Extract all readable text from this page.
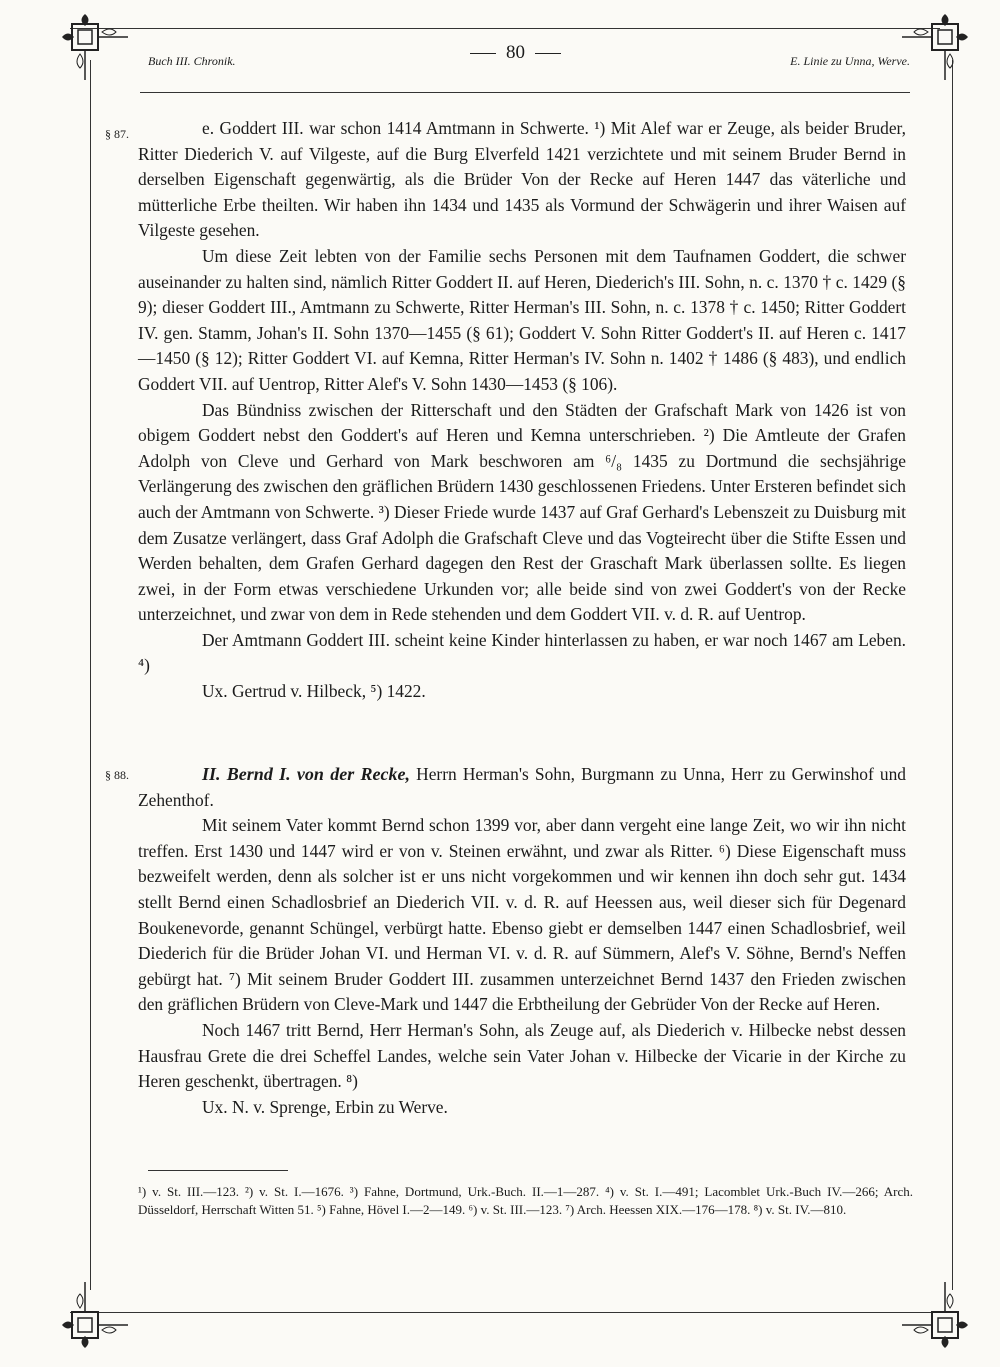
Buch III. Chronik.	80	E. Linie zu Unna, Werve.
§ 87.	e. Goddert III. war schon 1414 Amtmann in Schwerte. ¹) Mit Alef war er Zeuge, als beider Bruder, Ritter Diederich V. auf Vilgeste, auf die Burg Elverfeld 1421 verzichtete und mit seinem Bruder Bernd in derselben Eigenschaft gegenwärtig, als die Brüder Von der Recke auf Heren 1447 das väterliche und mütterliche Erbe theilten. Wir haben ihn 1434 und 1435 als Vormund der Schwägerin und ihrer Waisen auf Vilgeste gesehen.

Um diese Zeit lebten von der Familie sechs Personen mit dem Taufnamen Goddert, die schwer auseinander zu halten sind, nämlich Ritter Goddert II. auf Heren, Diederich's III. Sohn, n. c. 1370 † c. 1429 (§ 9); dieser Goddert III., Amtmann zu Schwerte, Ritter Herman's III. Sohn, n. c. 1378 † c. 1450; Ritter Goddert IV. gen. Stamm, Johan's II. Sohn 1370—1455 (§ 61); Goddert V. Sohn Ritter Goddert's II. auf Heren c. 1417—1450 (§ 12); Ritter Goddert VI. auf Kemna, Ritter Herman's IV. Sohn n. 1402 † 1486 (§ 483), und endlich Goddert VII. auf Uentrop, Ritter Alef's V. Sohn 1430—1453 (§ 106).

Das Bündniss zwischen der Ritterschaft und den Städten der Grafschaft Mark von 1426 ist von obigem Goddert nebst den Goddert's auf Heren und Kemna unterschrieben. ²) Die Amtleute der Grafen Adolph von Cleve und Gerhard von Mark beschworen am ⁶/₈ 1435 zu Dortmund die sechsjährige Verlängerung des zwischen den gräflichen Brüdern 1430 geschlossenen Friedens. Unter Ersteren befindet sich auch der Amtmann von Schwerte. ³) Dieser Friede wurde 1437 auf Graf Gerhard's Lebenszeit zu Duisburg mit dem Zusatze verlängert, dass Graf Adolph die Grafschaft Cleve und das Vogteirecht über die Stifte Essen und Werden behalten, dem Grafen Gerhard dagegen den Rest der Graschaft Mark überlassen sollte. Es liegen zwei, in der Form etwas verschiedene Urkunden vor; alle beide sind von zwei Goddert's von der Recke unterzeichnet, und zwar von dem in Rede stehenden und dem Goddert VII. v. d. R. auf Uentrop.

Der Amtmann Goddert III. scheint keine Kinder hinterlassen zu haben, er war noch 1467 am Leben. ⁴)

Ux. Gertrud v. Hilbeck, ⁵) 1422.

§ 88.	II. Bernd I. von der Recke, Herrn Herman's Sohn, Burgmann zu Unna, Herr zu Gerwinshof und Zehenthof.

Mit seinem Vater kommt Bernd schon 1399 vor, aber dann vergeht eine lange Zeit, wo wir ihn nicht treffen. Erst 1430 und 1447 wird er von v. Steinen erwähnt, und zwar als Ritter. ⁶) Diese Eigenschaft muss bezweifelt werden, denn als solcher ist er uns nicht vorgekommen und wir kennen ihn doch sehr gut. 1434 stellt Bernd einen Schadlosbrief an Diederich VII. v. d. R. auf Heessen aus, weil dieser sich für Degenard Boukenevorde, genannt Schüngel, verbürgt hatte. Ebenso giebt er demselben 1447 einen Schadlosbrief, weil Diederich für die Brüder Johan VI. und Herman VI. v. d. R. auf Sümmern, Alef's V. Söhne, Bernd's Neffen gebürgt hat. ⁷) Mit seinem Bruder Goddert III. zusammen unterzeichnet Bernd 1437 den Frieden zwischen den gräflichen Brüdern von Cleve-Mark und 1447 die Erbtheilung der Gebrüder Von der Recke auf Heren.

Noch 1467 tritt Bernd, Herr Herman's Sohn, als Zeuge auf, als Diederich v. Hilbecke nebst dessen Hausfrau Grete die drei Scheffel Landes, welche sein Vater Johan v. Hilbecke der Vicarie in der Kirche zu Heren geschenkt, übertragen. ⁸)

Ux. N. v. Sprenge, Erbin zu Werve.

¹) v. St. III.—123. ²) v. St. I.—1676. ³) Fahne, Dortmund, Urk.-Buch. II.—1—287. ⁴) v. St. I.—491; Lacomblet Urk.-Buch IV.—266; Arch. Düsseldorf, Herrschaft Witten 51. ⁵) Fahne, Hövel I.—2—149. ⁶) v. St. III.—123. ⁷) Arch. Heessen XIX.—176—178. ⁸) v. St. IV.—810.
